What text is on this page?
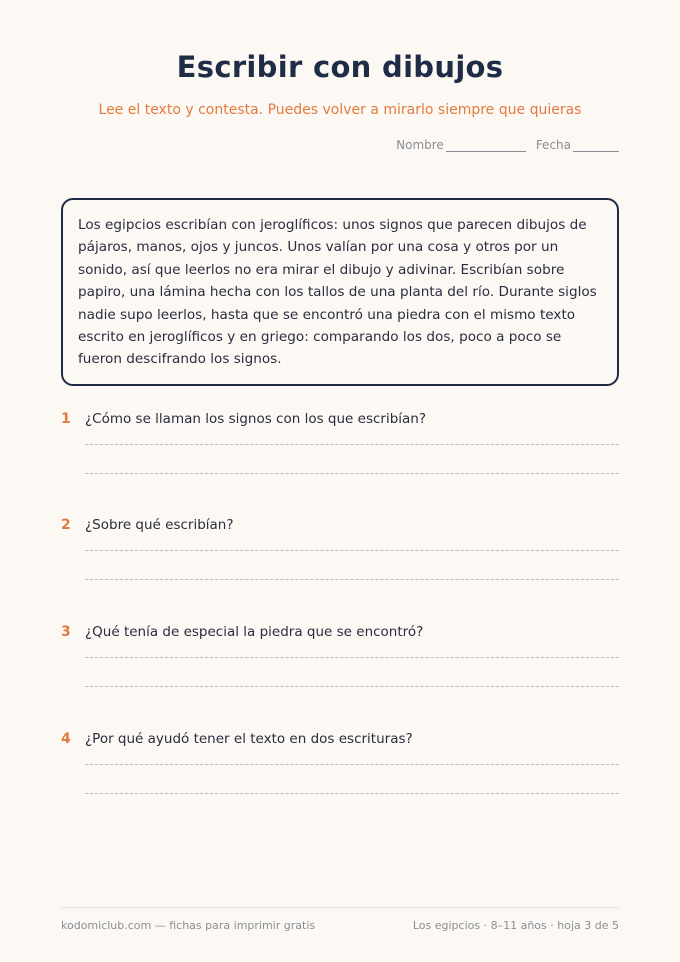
Escribir con dibujos

Lee el texto y contesta. Puedes volver a mirarlo siempre que quieras

Nombre	Fecha

Los egipcios escribían con jeroglíficos: unos signos que parecen dibujos de pájaros, manos, ojos y juncos. Unos valían por una cosa y otros por un sonido, así que leerlos no era mirar el dibujo y adivinar. Escribían sobre papiro, una lámina hecha con los tallos de una planta del río. Durante siglos nadie supo leerlos, hasta que se encontró una piedra con el mismo texto escrito en jeroglíficos y en griego: comparando los dos, poco a poco se fueron descifrando los signos.

1	¿Cómo se llaman los signos con los que escribían?
2	¿Sobre qué escribían?
3	¿Qué tenía de especial la piedra que se encontró?
4	¿Por qué ayudó tener el texto en dos escrituras?
kodomiclub.com — fichas para imprimir gratis	Los egipcios · 8–11 años · hoja 3 de 5
